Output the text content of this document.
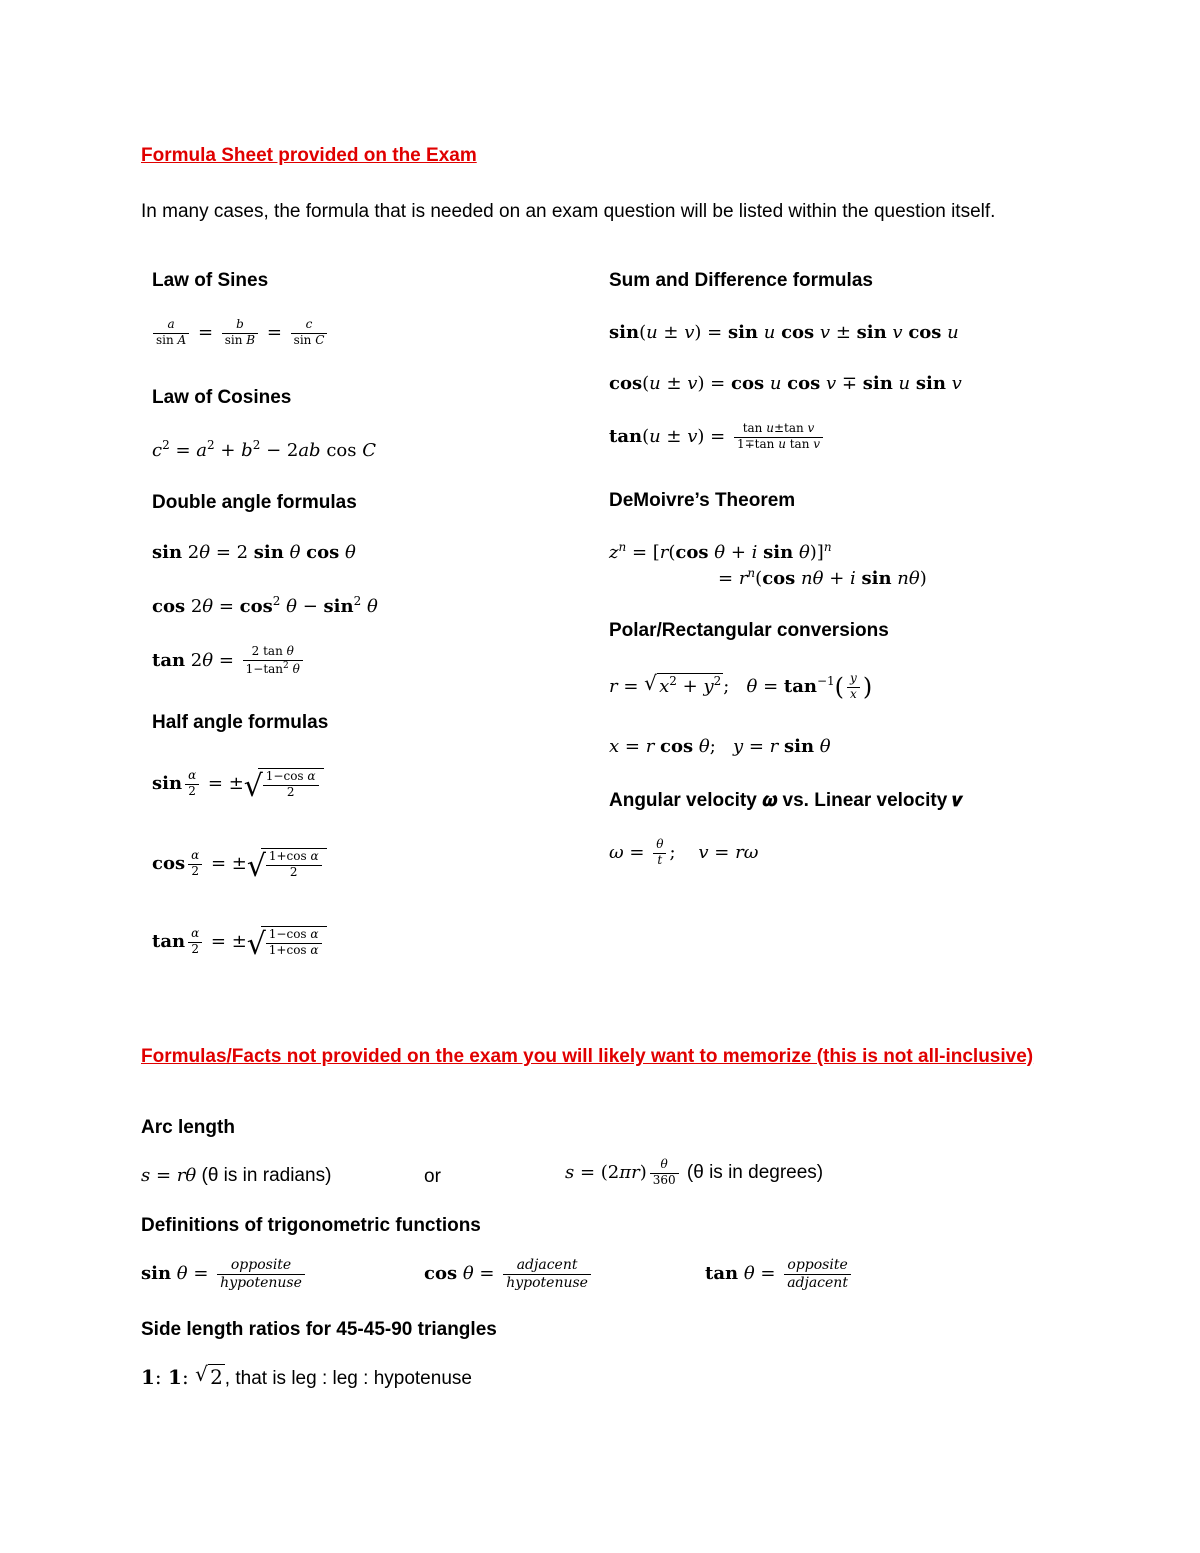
Formula Sheet provided on the Exam
In many cases, the formula that is needed on an exam question will be listed within the question itself.
Law of Sines
$\frac{a}{\text{sin A}} = \frac{b}{\text{sin B}} = \frac{c}{\text{sin C}}$
Law of Cosines
$c^2 = a^2 + b^2 - 2ab$ cos C
Double angle formulas
sin 2θ = 2 sin θ cos θ
$\cos 2\theta = \cos^2 \theta - \sin^2 \theta$
$\tan 2\theta = \frac{\text{2 tan θ}}{1-\tan^2 \theta}$
Half angle formulas
$\sin \frac{\alpha}{2}$ = ± √ $\frac{\text{1−cos α}}{2}$
$\cos \frac{\alpha}{2}$ = ± √ $\frac{\text{1+cos α}}{2}$
$\tan \frac{\alpha}{2}$ = ± √ $\frac{\text{1−cos α}}{\text{1+cos α}}$
Sum and Difference formulas
sin(u ± v) = sin u cos v ± sin v cos u
cos(u ± v) = cos u cos v ∓ sin u sin v
$\tan(u \pm v) = \frac{\text{tan u±tan v}}{\text{1∓tan u tan v}}$
DeMoivre’s Theorem
$z^n = [r(\cos$ θ + i sin θ)]$^n$
= $r^n(\cos$ nθ + i sin nθ)
Polar/Rectangular conversions
r = √ $x^2 + y^2$ ;   $\theta = \tan^{-1}( \frac{y}{x}$ )
x = r cos θ;   y = r sin θ
Angular velocity 𝝎 vs. Linear velocity 𝒗
$\omega = \frac{\theta}{t}$ ;    v = rω
Formulas/Facts not provided on the exam you will likely want to memorize (this is not all-inclusive)
Arc length
s = rθ (θ is in radians)	or	$s = (2\pi r) \frac{\theta}{360} (\theta$ is in degrees)
Definitions of trigonometric functions
$\sin \theta = \frac{\text{opposite}}{\text{hypotenuse}}$	$\cos \theta = \frac{\text{adjacent}}{\text{hypotenuse}}$	$\tan \theta = \frac{\text{opposite}}{\text{adjacent}}$
Side length ratios for 45-45-90 triangles
1: 1: √ 2 , that is leg : leg : hypotenuse
